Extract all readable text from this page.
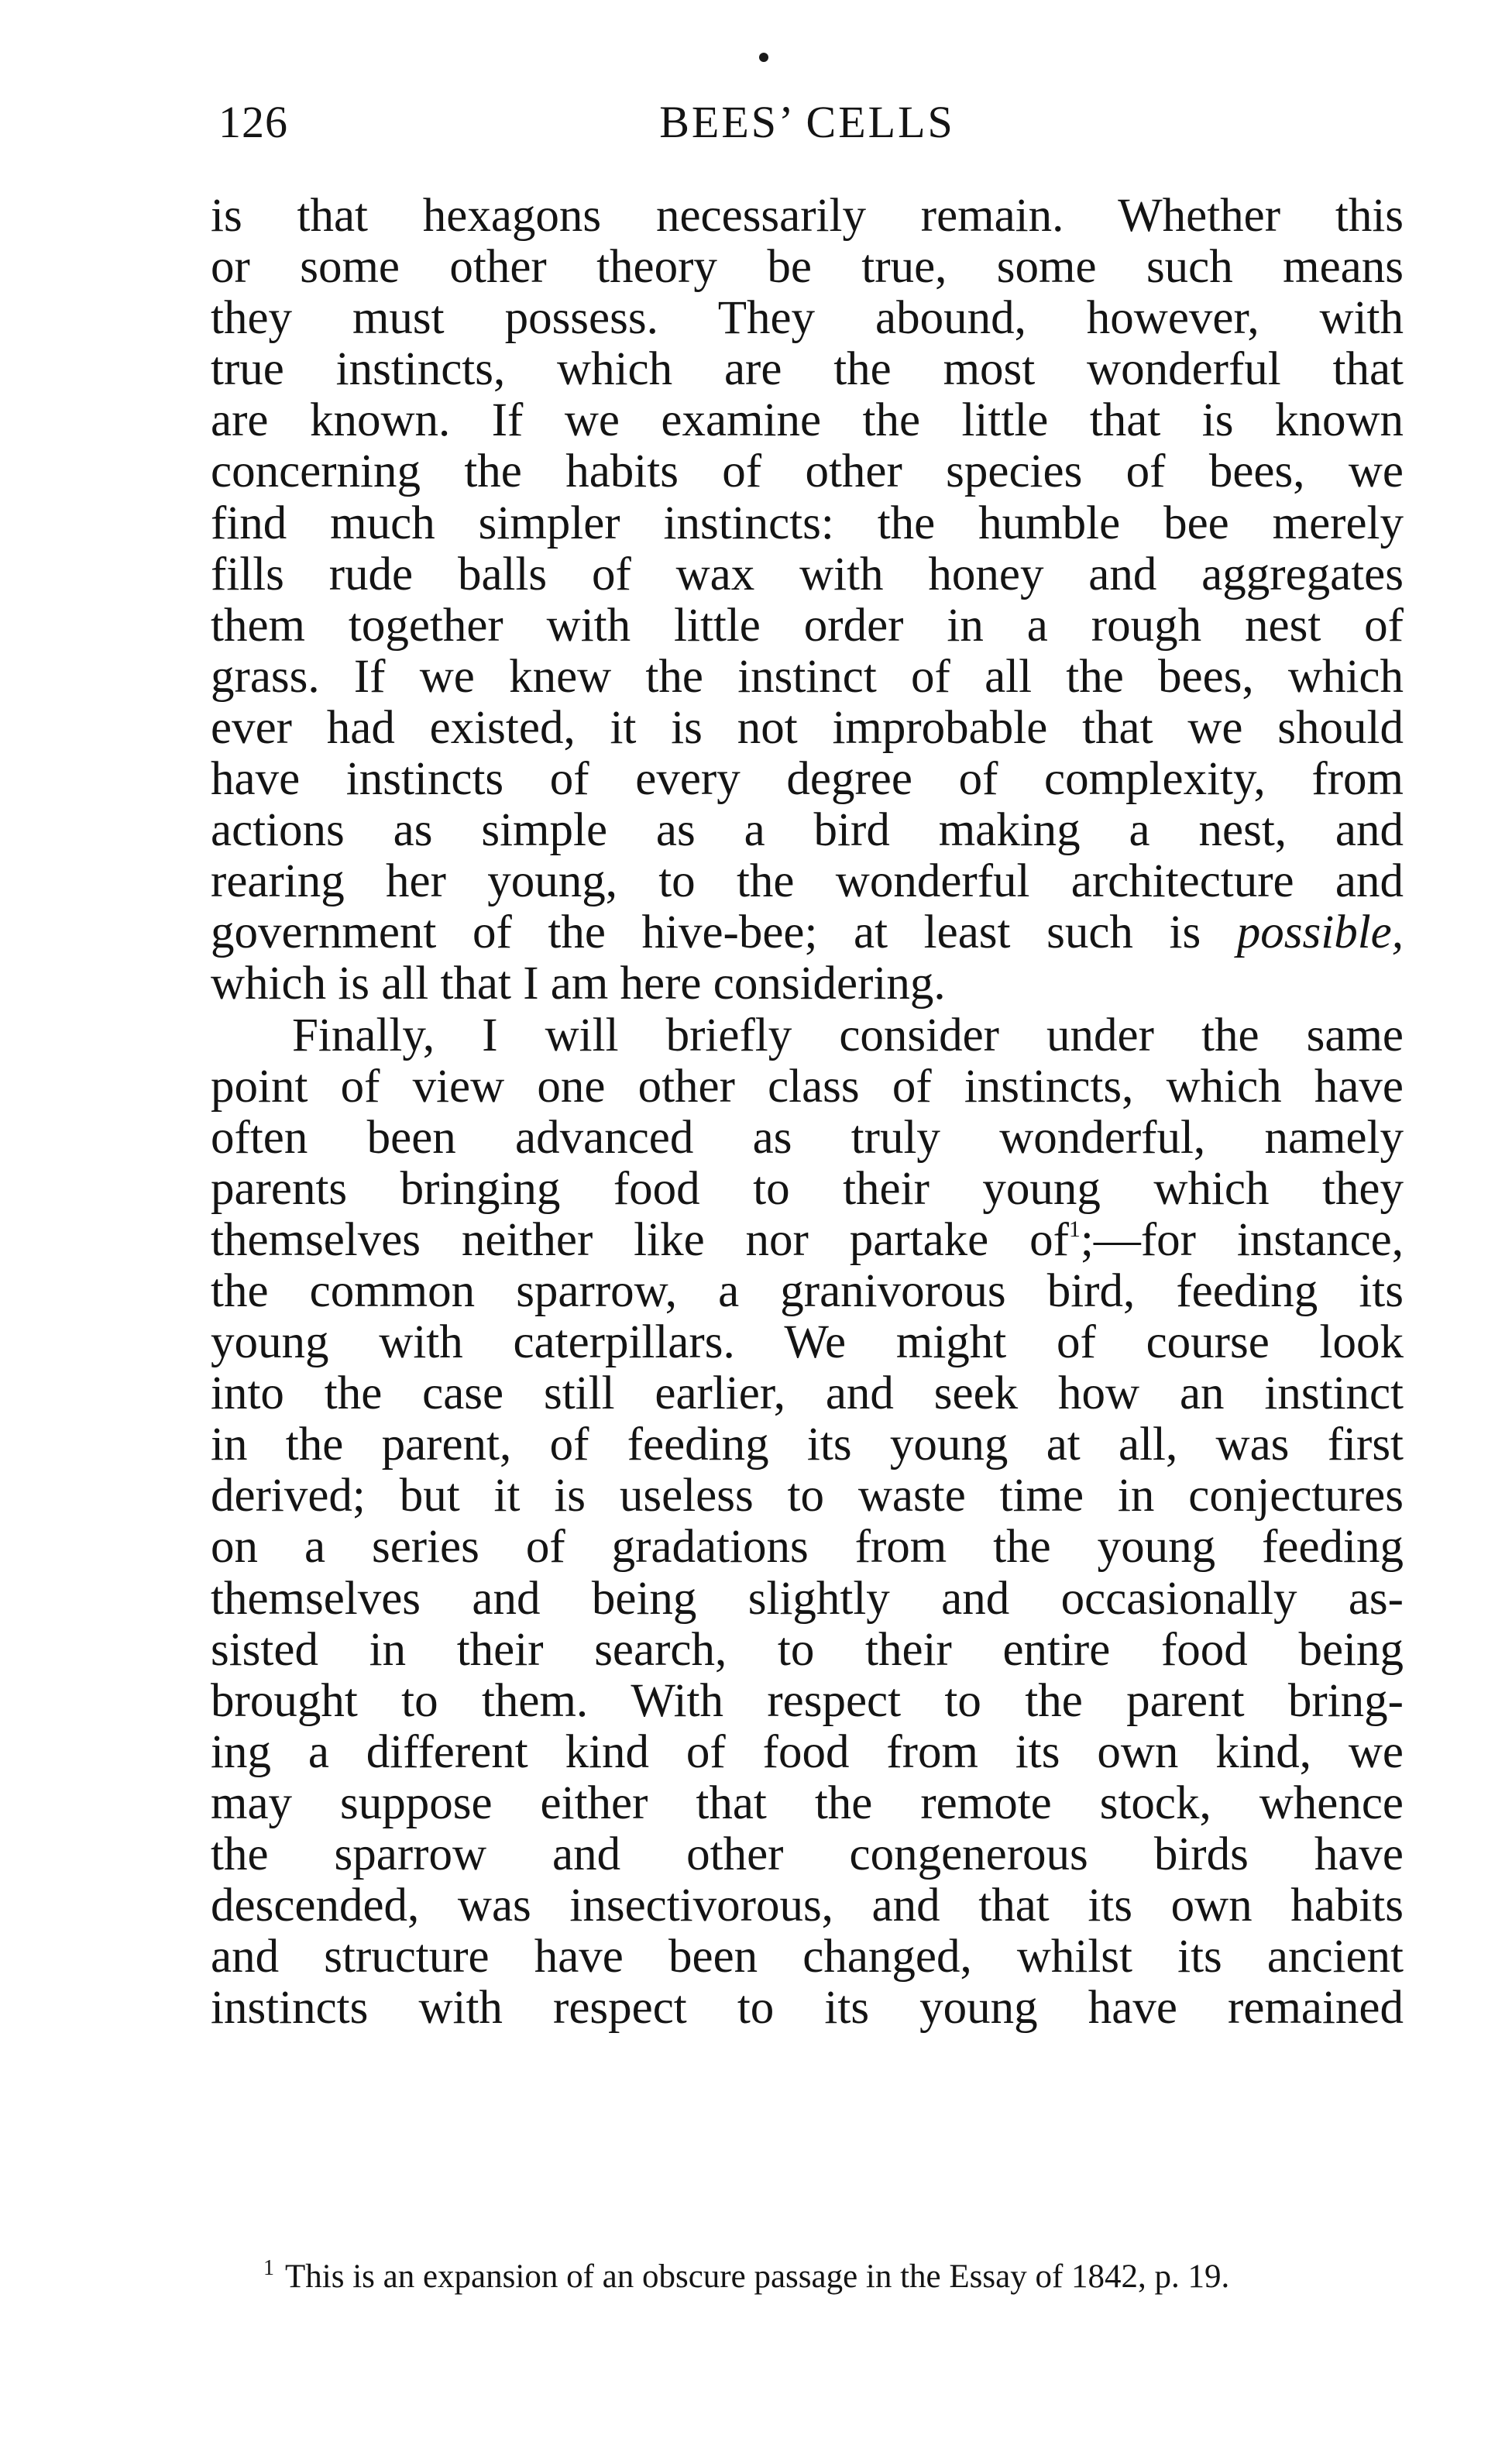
126	BEES’ CELLS
is that hexagons necessarily remain. Whether this
or some other theory be true, some such means
they must possess. They abound, however, with
true instincts, which are the most wonderful that
are known. If we examine the little that is known
concerning the habits of other species of bees, we
find much simpler instincts: the humble bee merely
fills rude balls of wax with honey and aggregates
them together with little order in a rough nest of
grass. If we knew the instinct of all the bees, which
ever had existed, it is not improbable that we should
have instincts of every degree of complexity, from
actions as simple as a bird making a nest, and
rearing her young, to the wonderful architecture and
government of the hive-bee; at least such is possible,
which is all that I am here considering.
Finally, I will briefly consider under the same
point of view one other class of instincts, which have
often been advanced as truly wonderful, namely
parents bringing food to their young which they
themselves neither like nor partake $of^1;—for$ instance,
the common sparrow, a granivorous bird, feeding its
young with caterpillars. We might of course look
into the case still earlier, and seek how an instinct
in the parent, of feeding its young at all, was first
derived; but it is useless to waste time in conjectures
on a series of gradations from the young feeding
themselves and being slightly and occasionally as-
sisted in their search, to their entire food being
brought to them. With respect to the parent bring-
ing a different kind of food from its own kind, we
may suppose either that the remote stock, whence
the sparrow and other congenerous birds have
descended, was insectivorous, and that its own habits
and structure have been changed, whilst its ancient
instincts with respect to its young have remained
$^1$ This is an expansion of an obscure passage in the Essay of 1842, p. 19.
